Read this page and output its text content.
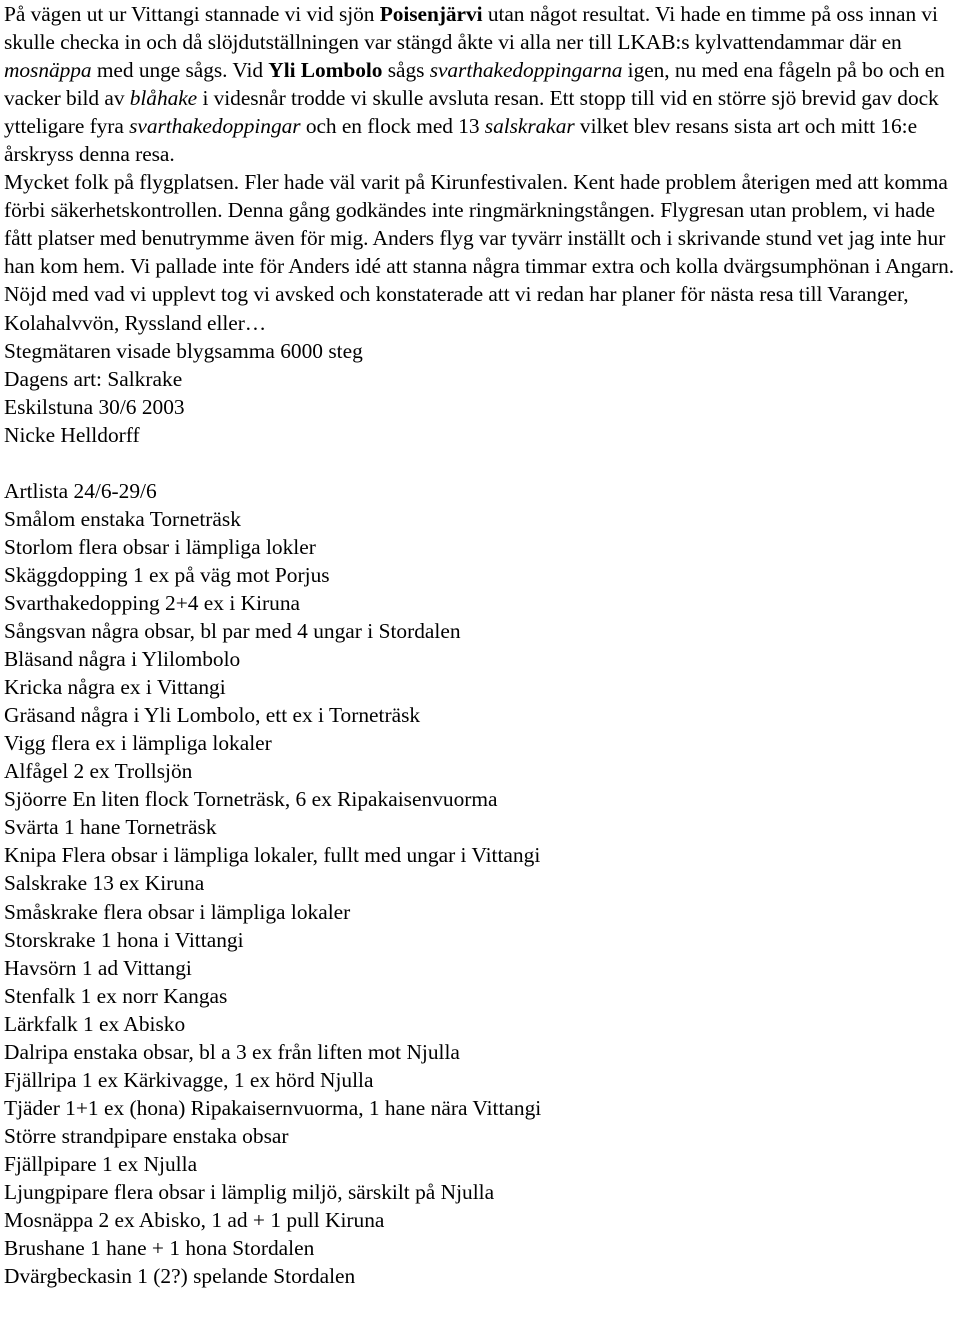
På vägen ut ur Vittangi stannade vi vid sjön Poisenjärvi utan något resultat. Vi hade en timme på oss innan vi skulle checka in och då slöjdutställningen var stängd åkte vi alla ner till LKAB:s kylvattendammar där en mosnäppa med unge sågs. Vid Yli Lombolo sågs svarthakedoppingarna igen, nu med ena fågeln på bo och en vacker bild av blåhake i videsnår trodde vi skulle avsluta resan. Ett stopp till vid en större sjö brevid gav dock ytteligare fyra svarthakedoppingar och en flock med 13 salskrakar vilket blev resans sista art och mitt 16:e årskryss denna resa.

Mycket folk på flygplatsen. Fler hade väl varit på Kirunfestivalen. Kent hade problem återigen med att komma förbi säkerhetskontrollen. Denna gång godkändes inte ringmärkningstången. Flygresan utan problem, vi hade fått platser med benutrymme även för mig. Anders flyg var tyvärr inställt och i skrivande stund vet jag inte hur han kom hem. Vi pallade inte för Anders idé att stanna några timmar extra och kolla dvärgsumphönan i Angarn. Nöjd med vad vi upplevt tog vi avsked och konstaterade att vi redan har planer för nästa resa till Varanger, Kolahalvvön, Ryssland eller…

Stegmätaren visade blygsamma 6000 steg
Dagens art: Salkrake
Eskilstuna 30/6 2003
Nicke Helldorff
Artlista 24/6-29/6
Smålom enstaka Torneträsk
Storlom flera obsar i lämpliga lokler
Skäggdopping 1 ex på väg mot Porjus
Svarthakedopping 2+4 ex i Kiruna
Sångsvan några obsar, bl par med 4 ungar i Stordalen
Bläsand några i Ylilombolo
Kricka några ex i Vittangi
Gräsand några i Yli Lombolo, ett ex i Torneträsk
Vigg flera ex i lämpliga lokaler
Alfågel 2 ex Trollsjön
Sjöorre En liten flock Torneträsk, 6 ex Ripakaisenvuorma
Svärta 1 hane Torneträsk
Knipa Flera obsar i lämpliga lokaler, fullt med ungar i Vittangi
Salskrake 13 ex Kiruna
Småskrake flera obsar i lämpliga lokaler
Storskrake 1 hona i Vittangi
Havsörn 1 ad Vittangi
Stenfalk 1 ex norr Kangas
Lärkfalk 1 ex Abisko
Dalripa enstaka obsar, bl a 3 ex från liften mot Njulla
Fjällripa 1 ex Kärkivagge, 1 ex hörd Njulla
Tjäder 1+1 ex (hona) Ripakaisernvuorma, 1 hane nära Vittangi
Större strandpipare enstaka obsar
Fjällpipare 1 ex Njulla
Ljungpipare flera obsar i lämplig miljö, särskilt på Njulla
Mosnäppa 2 ex Abisko, 1 ad + 1 pull Kiruna
Brushane 1 hane + 1 hona Stordalen
Dvärgbeckasin 1 (2?) spelande Stordalen
